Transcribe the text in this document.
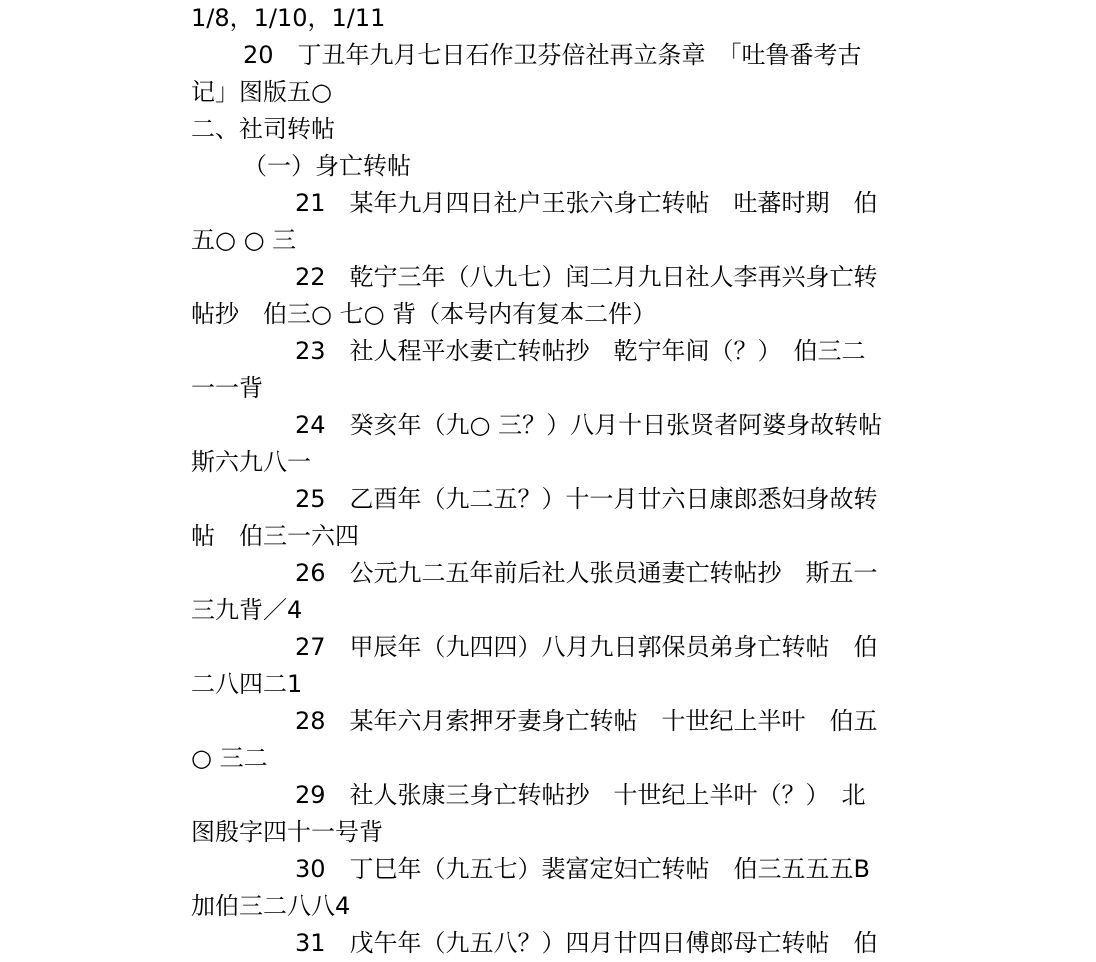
1/8，1/10，1/11
20　丁丑年九月七日石作卫芬倍社再立条章　「吐鲁番考古
记」图版五○
二、社司转帖
（一）身亡转帖
21　某年九月四日社户王张六身亡转帖　吐蕃时期　伯
五○ ○ 三
22　乾宁三年（八九七）闰二月九日社人李再兴身亡转
帖抄　伯三○ 七○ 背（本号内有复本二件）
23　社人程平水妻亡转帖抄　乾宁年间（？）　伯三二
一一背
24　癸亥年（九○ 三？）八月十日张贤者阿婆身故转帖
斯六九八一
25　乙酉年（九二五？）十一月廿六日康郎悉妇身故转
帖　伯三一六四
26　公元九二五年前后社人张员通妻亡转帖抄　斯五一
三九背／4
27　甲辰年（九四四）八月九日郭保员弟身亡转帖　伯
二八四二1
28　某年六月索押牙妻身亡转帖　十世纪上半叶　伯五
○ 三二
29　社人张康三身亡转帖抄　十世纪上半叶（？）　北
图殷字四十一号背
30　丁巳年（九五七）裴富定妇亡转帖　伯三五五五B
加伯三二八八4
31　戊午年（九五八？）四月廿四日傅郎母亡转帖　伯
